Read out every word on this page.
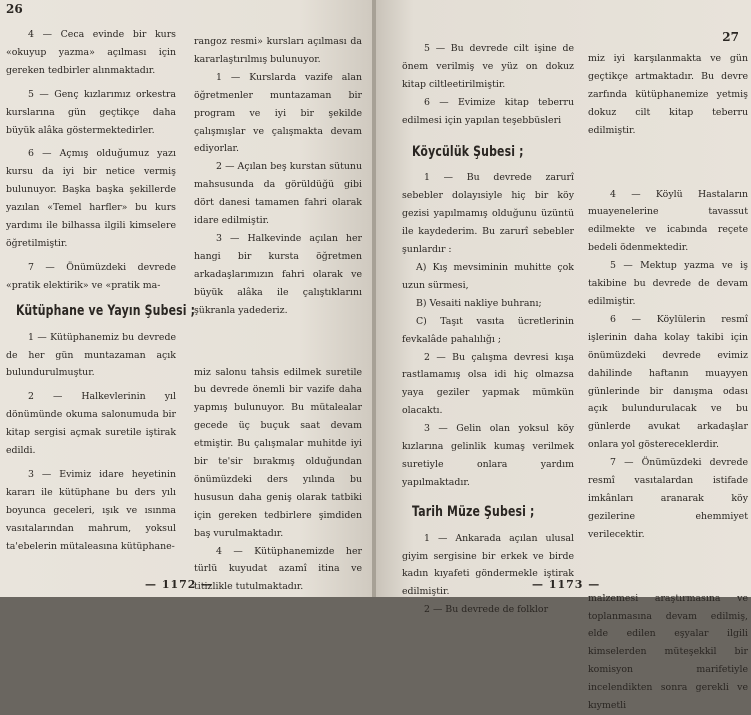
26

4 — Ceca evinde bir kurs «okuyup yazma» açılması için gereken tedbirler alınmaktadır.

5 — Genç kızlarımız orkestra kurslarına gün geçtikçe daha büyük alâka göstermektedirler.

6 — Açmış olduğumuz yazı kursu da iyi bir netice vermiş bulunuyor. Başka başka şekillerde yazılan «Temel harfler» bu kurs yardımı ile bilhassa ilgili kimselere öğretilmiştir.

7 — Önümüzdeki devrede «pratik elektirik» ve «pratik ma-

Kütüphane ve Yayın Şubesi ;

1 — Kütüphanemiz bu devrede de her gün muntazaman açık bulundurulmuştur.

2 — Halkevlerinin yıl dönümünde okuma salonumuda bir kitap sergisi açmak suretile iştirak edildi.

3 — Evimiz idare heyetinin kararı ile kütüphane bu ders yılı boyunca geceleri, ışık ve ısınma vasıtalarından mahrum, yoksul ta'ebelerin mütaleasına kütüphane-

rangoz resmi» kursları açılması da kararlaştırılmış bulunuyor.

1 — Kurslarda vazife alan öğretmenler muntazaman bir program ve iyi bir şekilde çalışmışlar ve çalışmakta devam ediyorlar.

2 — Açılan beş kurstan sütunu mahsusunda da görüldüğü gibi dört danesi tamamen fahri olarak idare edilmiştir.

3 — Halkevinde açılan her hangi bir kursta öğretmen arkadaşlarımızın fahri olarak ve büyük alâka ile çalıştıklarını şükranla yadederiz.

miz salonu tahsis edilmek suretile bu devrede önemli bir vazife daha yapmış bulunuyor. Bu mütalealar gecede üç buçuk saat devam etmiştir. Bu çalışmalar muhitde iyi bir te'sir bırakmış olduğundan önümüzdeki ders yılında bu hususun daha geniş olarak tatbiki için gereken tedbirlere şimdiden baş vurulmaktadır.

4 — Kütüphanemizde her türlü kuyudat azamî itina ve titizlikle tutulmaktadır.

— 1172 —
27

5 — Bu devrede cilt işine de önem verilmiş ve yüz on dokuz kitap ciltleetirilmiştir.

6 — Evimize kitap teberru edilmesi için yapılan teşebbüsleri

Köycülük Şubesi ;

1 — Bu devrede zarurî sebebler dolayısiyle hiç bir köy gezisi yapılmamış olduğunu üzüntü ile kaydederim. Bu zarurî sebebler şunlardır :

A) Kış mevsiminin muhitte çok uzun sürmesi,

B) Vesaiti nakliye buhranı;

C) Taşıt vasıta ücretlerinin fevkalâde pahalılığı ;

2 — Bu çalışma devresi kışa rastlamamış olsa idi hiç olmazsa yaya geziler yapmak mümkün olacaktı.

3 — Gelin olan yoksul köy kızlarına gelinlik kumaş verilmek suretiyle onlara yardım yapılmaktadır.

Tarih Müze Şubesi ;

1 — Ankarada açılan ulusal giyim sergisine bir erkek ve birde kadın kıyafeti göndermekle iştirak edilmiştir.

2 — Bu devrede de folklor

miz iyi karşılanmakta ve gün geçtikçe artmaktadır. Bu devre zarfında kütüphanemize yetmiş dokuz cilt kitap teberru edilmiştir.

4 — Köylü Hastaların muayenelerine tavassut edilmekte ve icabında reçete bedeli ödenmektedir.

5 — Mektup yazma ve iş takibine bu devrede de devam edilmiştir.

6 — Köylülerin resmî işlerinin daha kolay takibi için önümüzdeki devrede evimiz dahilinde haftanın muayyen günlerinde bir danışma odası açık bulundurulacak ve bu günlerde avukat arkadaşlar onlara yol göstereceklerdir.

7 — Önümüzdeki devrede resmî vasıtalardan istifade imkânları aranarak köy gezilerine ehemmiyet verilecektir.

malzemesi araştırmasına ve toplanmasına devam edilmiş, elde edilen eşyalar ilgili kimselerden müteşekkil bir komisyon marifetiyle incelendikten sonra gerekli ve kıymetli

— 1173 —
